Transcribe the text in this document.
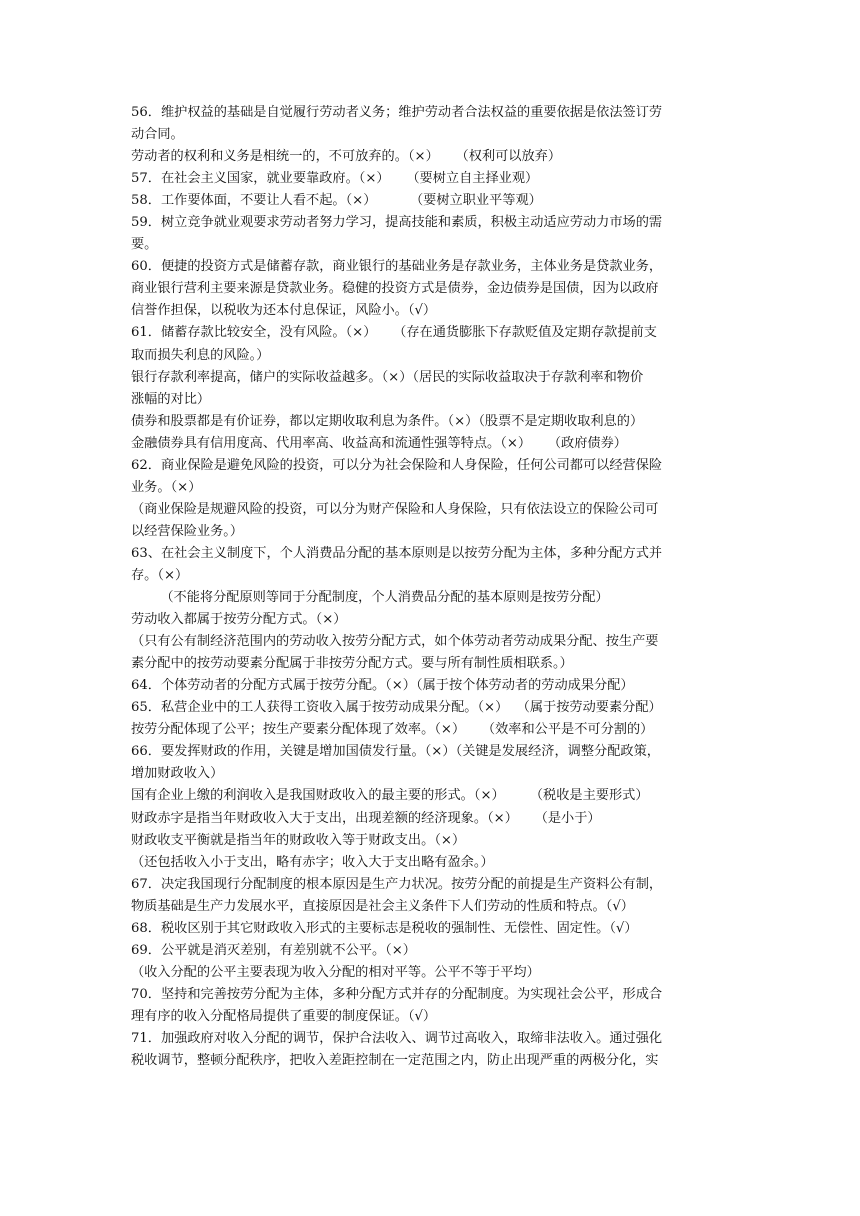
56．维护权益的基础是自觉履行劳动者义务；维护劳动者合法权益的重要依据是依法签订劳
动合同。
劳动者的权利和义务是相统一的，不可放弃的。（×）    （权利可以放弃）
57．在社会主义国家，就业要靠政府。（×）    （要树立自主择业观）
58．工作要体面，不要让人看不起。（×）        （要树立职业平等观）
59．树立竞争就业观要求劳动者努力学习，提高技能和素质，积极主动适应劳动力市场的需
要。
60．便捷的投资方式是储蓄存款，商业银行的基础业务是存款业务，主体业务是贷款业务，
商业银行营利主要来源是贷款业务。稳健的投资方式是债券，金边债券是国债，因为以政府
信誉作担保，以税收为还本付息保证，风险小。（√）
61．储蓄存款比较安全，没有风险。（×）    （存在通货膨胀下存款贬值及定期存款提前支
取而损失利息的风险。）
银行存款利率提高，储户的实际收益越多。（×）（居民的实际收益取决于存款利率和物价
涨幅的对比）
债券和股票都是有价证券，都以定期收取利息为条件。（×）（股票不是定期收取利息的）
金融债券具有信用度高、代用率高、收益高和流通性强等特点。（×）    （政府债券）
62．商业保险是避免风险的投资，可以分为社会保险和人身保险，任何公司都可以经营保险
业务。（×）
（商业保险是规避风险的投资，可以分为财产保险和人身保险，只有依法设立的保险公司可
以经营保险业务。）
63、在社会主义制度下，个人消费品分配的基本原则是以按劳分配为主体，多种分配方式并
存。（×）
（不能将分配原则等同于分配制度，个人消费品分配的基本原则是按劳分配）
劳动收入都属于按劳分配方式。（×）
（只有公有制经济范围内的劳动收入按劳分配方式，如个体劳动者劳动成果分配、按生产要
素分配中的按劳动要素分配属于非按劳分配方式。要与所有制性质相联系。）
64．个体劳动者的分配方式属于按劳分配。（×）（属于按个体劳动者的劳动成果分配）
65．私营企业中的工人获得工资收入属于按劳动成果分配。（×）  （属于按劳动要素分配）
按劳分配体现了公平；按生产要素分配体现了效率。（×）    （效率和公平是不可分割的）
66．要发挥财政的作用，关键是增加国债发行量。（×）（关键是发展经济，调整分配政策，
增加财政收入）
国有企业上缴的利润收入是我国财政收入的最主要的形式。（×）      （税收是主要形式）
财政赤字是指当年财政收入大于支出，出现差额的经济现象。（×）    （是小于）
财政收支平衡就是指当年的财政收入等于财政支出。（×）
（还包括收入小于支出，略有赤字；收入大于支出略有盈余。）
67．决定我国现行分配制度的根本原因是生产力状况。按劳分配的前提是生产资料公有制，
物质基础是生产力发展水平，直接原因是社会主义条件下人们劳动的性质和特点。（√）
68．税收区别于其它财政收入形式的主要标志是税收的强制性、无偿性、固定性。（√）
69．公平就是消灭差别，有差别就不公平。（×）
（收入分配的公平主要表现为收入分配的相对平等。公平不等于平均）
70．坚持和完善按劳分配为主体，多种分配方式并存的分配制度。为实现社会公平，形成合
理有序的收入分配格局提供了重要的制度保证。（√）
71．加强政府对收入分配的调节，保护合法收入、调节过高收入，取缔非法收入。通过强化
税收调节，整顿分配秩序，把收入差距控制在一定范围之内，防止出现严重的两极分化，实
